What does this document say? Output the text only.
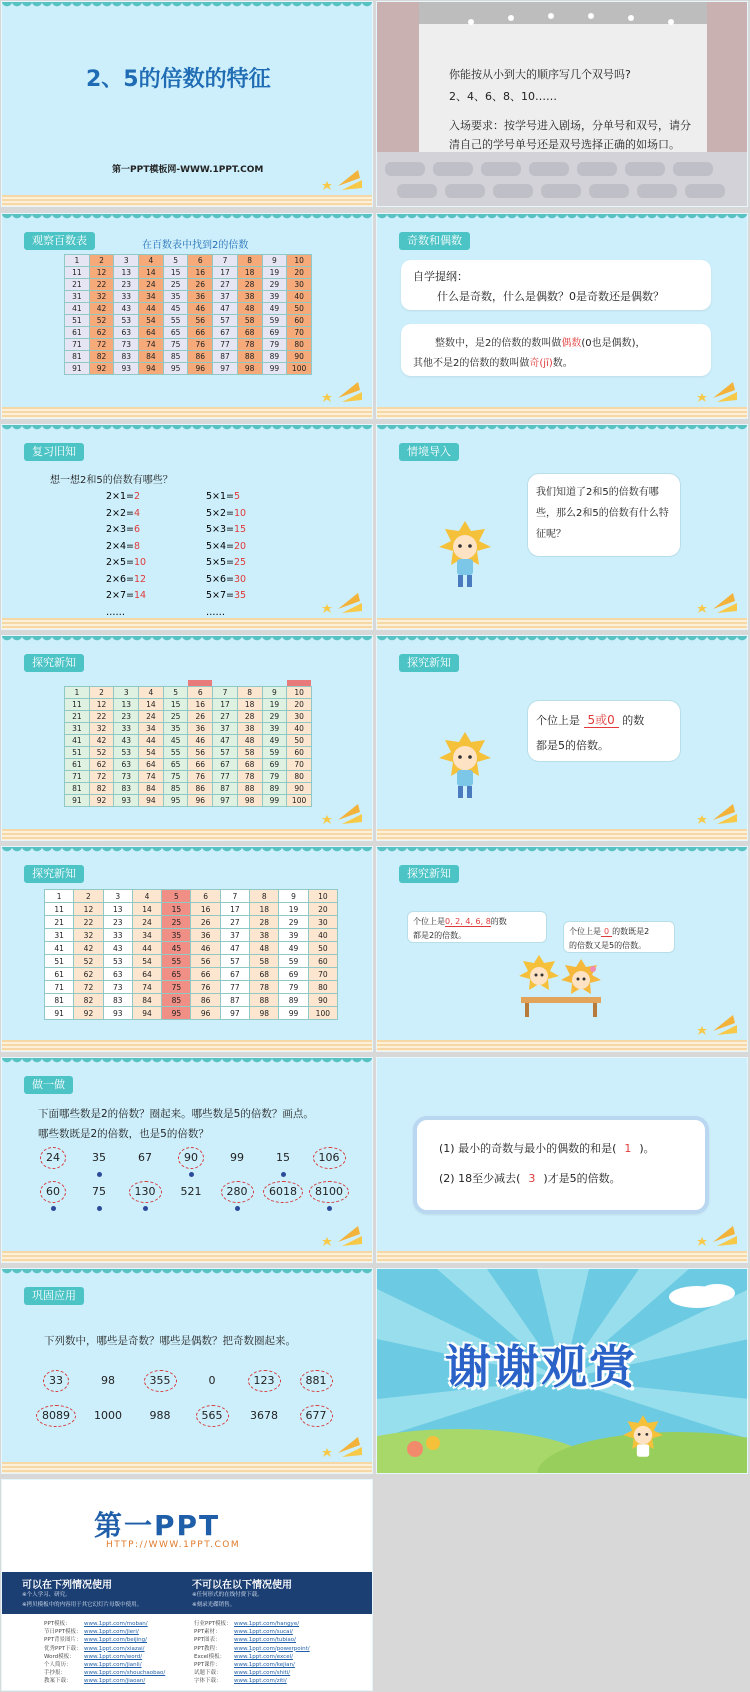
2、5的倍数的特征
第一PPT模板网-WWW.1PPT.COM
你能按从小到大的顺序写几个双号吗?
2、4、6、8、10……
入场要求：按学号进入剧场，分单号和双号，请分清自己的学号单号还是双号选择正确的如场口。
观察百数表	在百数表中找到2的倍数
1	2	3	4	5	6	7	8	9	10
11	12	13	14	15	16	17	18	19	20
21	22	23	24	25	26	27	28	29	30
31	32	33	34	35	36	37	38	39	40
41	42	43	44	45	46	47	48	49	50
51	52	53	54	55	56	57	58	59	60
61	62	63	64	65	66	67	68	69	70
71	72	73	74	75	76	77	78	79	80
81	82	83	84	85	86	87	88	89	90
91	92	93	94	95	96	97	98	99	100
奇数和偶数
自学提纲：
什么是奇数，什么是偶数？0是奇数还是偶数？
整数中，是2的倍数的数叫做偶数(0也是偶数)，
其他不是2的倍数的数叫做奇(jī)数。
复习旧知
想一想2和5的倍数有哪些？
2×1=2
2×2=4
2×3=6
2×4=8
2×5=10
2×6=12
2×7=14
……
5×1=5
5×2=10
5×3=15
5×4=20
5×5=25
5×6=30
5×7=35
……
情境导入
我们知道了2和5的倍数有哪些，那么2和5的倍数有什么特征呢？
探究新知
1	2	3	4	5	6	7	8	9	10
11	12	13	14	15	16	17	18	19	20
21	22	23	24	25	26	27	28	29	30
31	32	33	34	35	36	37	38	39	40
41	42	43	44	45	46	47	48	49	50
51	52	53	54	55	56	57	58	59	60
61	62	63	64	65	66	67	68	69	70
71	72	73	74	75	76	77	78	79	80
81	82	83	84	85	86	87	88	89	90
91	92	93	94	95	96	97	98	99	100
探究新知
个位上是 5或0 的数
都是5的倍数。
探究新知
1	2	3	4	5	6	7	8	9	10
11	12	13	14	15	16	17	18	19	20
21	22	23	24	25	26	27	28	29	30
31	32	33	34	35	36	37	38	39	40
41	42	43	44	45	46	47	48	49	50
51	52	53	54	55	56	57	58	59	60
61	62	63	64	65	66	67	68	69	70
71	72	73	74	75	76	77	78	79	80
81	82	83	84	85	86	87	88	89	90
91	92	93	94	95	96	97	98	99	100
探究新知
个位上是0, 2, 4, 6, 8的数
都是2的倍数。	个位上是 0 的数既是2
的倍数又是5的倍数。
做一做
下面哪些数是2的倍数？圈起来。哪些数是5的倍数？画点。
哪些数既是2的倍数，也是5的倍数？
24	35	67	90	99	15	106
60	75	130	521	280	6018	8100
(1) 最小的奇数与最小的偶数的和是( 1 )。
(2) 18至少减去( 3 )才是5的倍数。
巩固应用
下列数中，哪些是奇数？哪些是偶数？把奇数圈起来。
33	98	355	0	123	881
8089	1000	988	565	3678	677
谢谢观赏
第一PPT
HTTP://WWW.1PPT.COM
可以在下列情况使用
※个人学习、研究。
※拷贝模板中的内容用于其它幻灯片母版中使用。
不可以在以下情况使用
※任何形式的在线付费下载。
※刻录光碟销售。
PPT模板： www.1ppt.com/moban/
节日PPT模板： www.1ppt.com/jieri/
PPT背景图片： www.1ppt.com/beijing/
优秀PPT下载： www.1ppt.com/xiazai/
Word模板： www.1ppt.com/word/
个人简历： www.1ppt.com/jianli/
手抄报：	www.1ppt.com/shouchaobao/
教案下载： www.1ppt.com/jiaoan/
行业PPT模板： www.1ppt.com/hangye/
PPT素材： www.1ppt.com/sucai/
PPT图表： www.1ppt.com/tubiao/
PPT教程： www.1ppt.com/powerpoint/
Excel模板： www.1ppt.com/excel/
PPT课件： www.1ppt.com/kejian/
试题下载： www.1ppt.com/shiti/
字体下载： www.1ppt.com/ziti/
